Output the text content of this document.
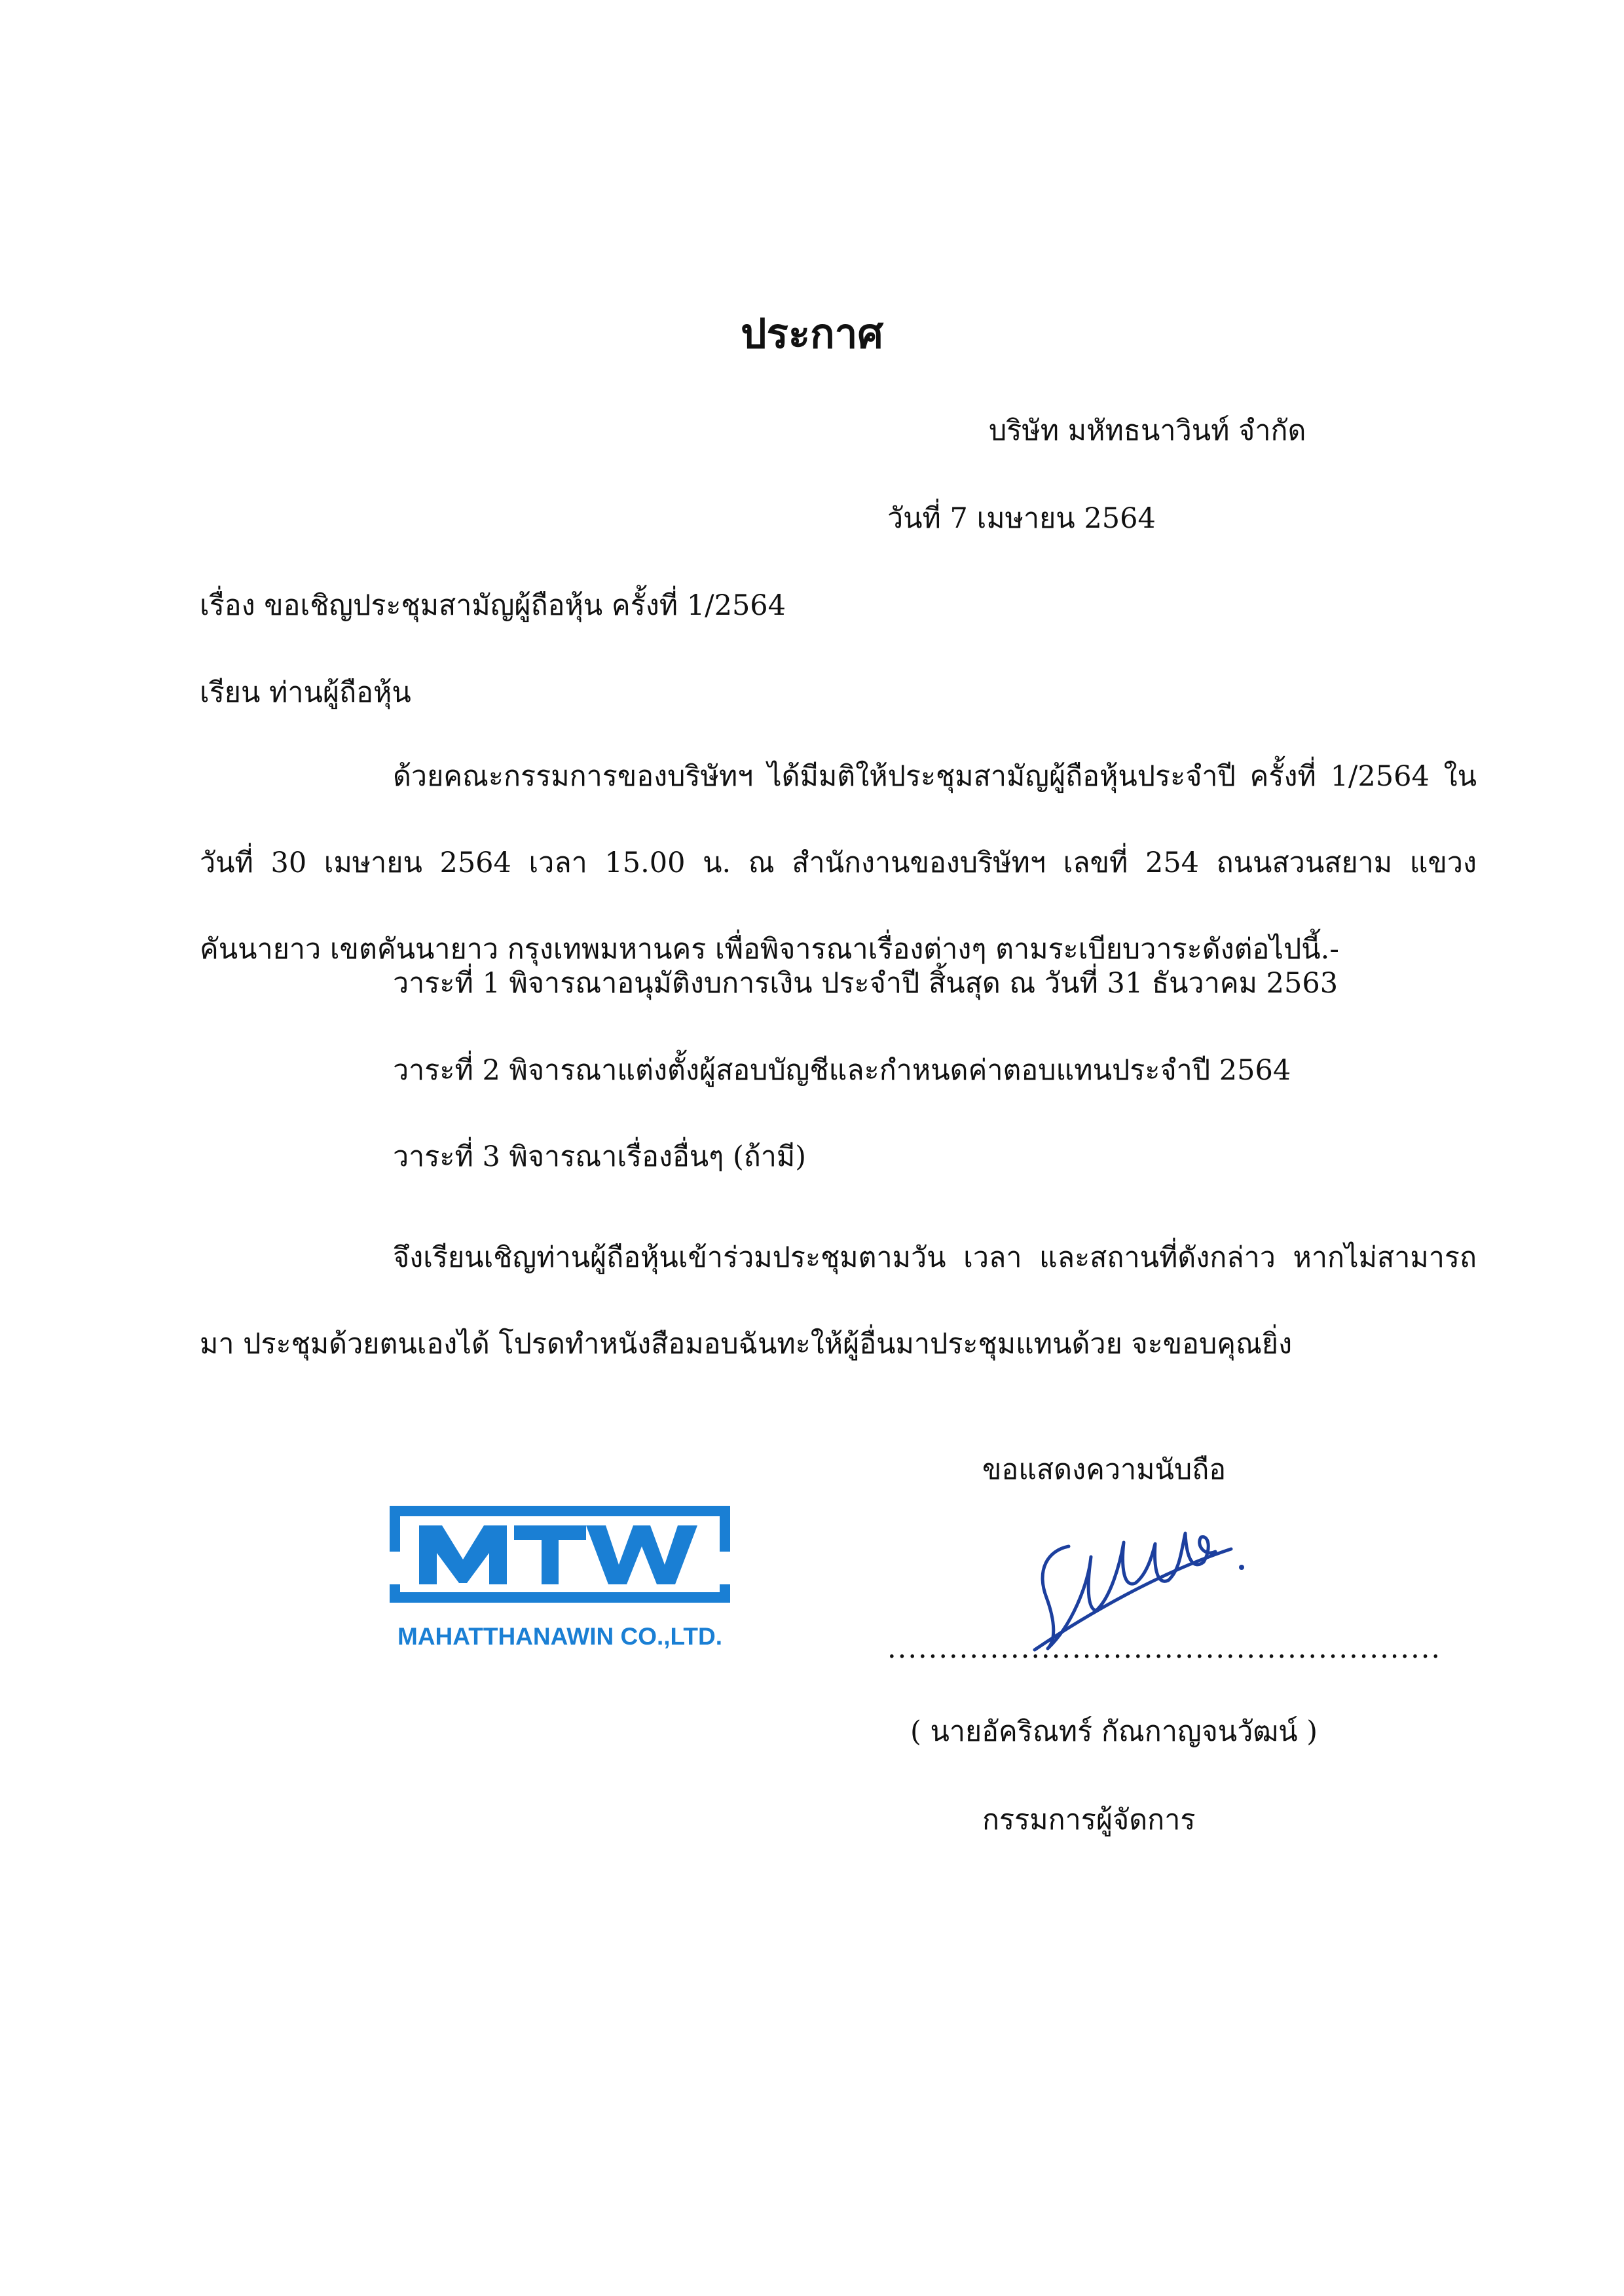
ประกาศ
บริษัท มหัทธนาวินท์ จำกัด
วันที่ 7 เมษายน 2564
เรื่อง ขอเชิญประชุมสามัญผู้ถือหุ้น ครั้งที่ 1/2564
เรียน ท่านผู้ถือหุ้น
ด้วยคณะกรรมการของบริษัทฯ ได้มีมติให้ประชุมสามัญผู้ถือหุ้นประจำปี ครั้งที่ 1/2564 ใน วันที่ 30 เมษายน 2564 เวลา 15.00 น. ณ สำนักงานของบริษัทฯ เลขที่ 254 ถนนสวนสยาม แขวง คันนายาว เขตคันนายาว กรุงเทพมหานคร เพื่อพิจารณาเรื่องต่างๆ ตามระเบียบวาระดังต่อไปนี้.-
วาระที่ 1 พิจารณาอนุมัติงบการเงิน ประจำปี สิ้นสุด ณ วันที่ 31 ธันวาคม 2563
วาระที่ 2 พิจารณาแต่งตั้งผู้สอบบัญชีและกำหนดค่าตอบแทนประจำปี 2564
วาระที่ 3 พิจารณาเรื่องอื่นๆ (ถ้ามี)
จึงเรียนเชิญท่านผู้ถือหุ้นเข้าร่วมประชุมตามวัน เวลา และสถานที่ดังกล่าว หากไม่สามารถมา ประชุมด้วยตนเองได้ โปรดทำหนังสือมอบฉันทะให้ผู้อื่นมาประชุมแทนด้วย จะขอบคุณยิ่ง
MAHATTHANAWIN CO.,LTD.
ขอแสดงความนับถือ
......................................................
( นายอัคริณทร์ กัณกาญจนวัฒน์ )
กรรมการผู้จัดการ
